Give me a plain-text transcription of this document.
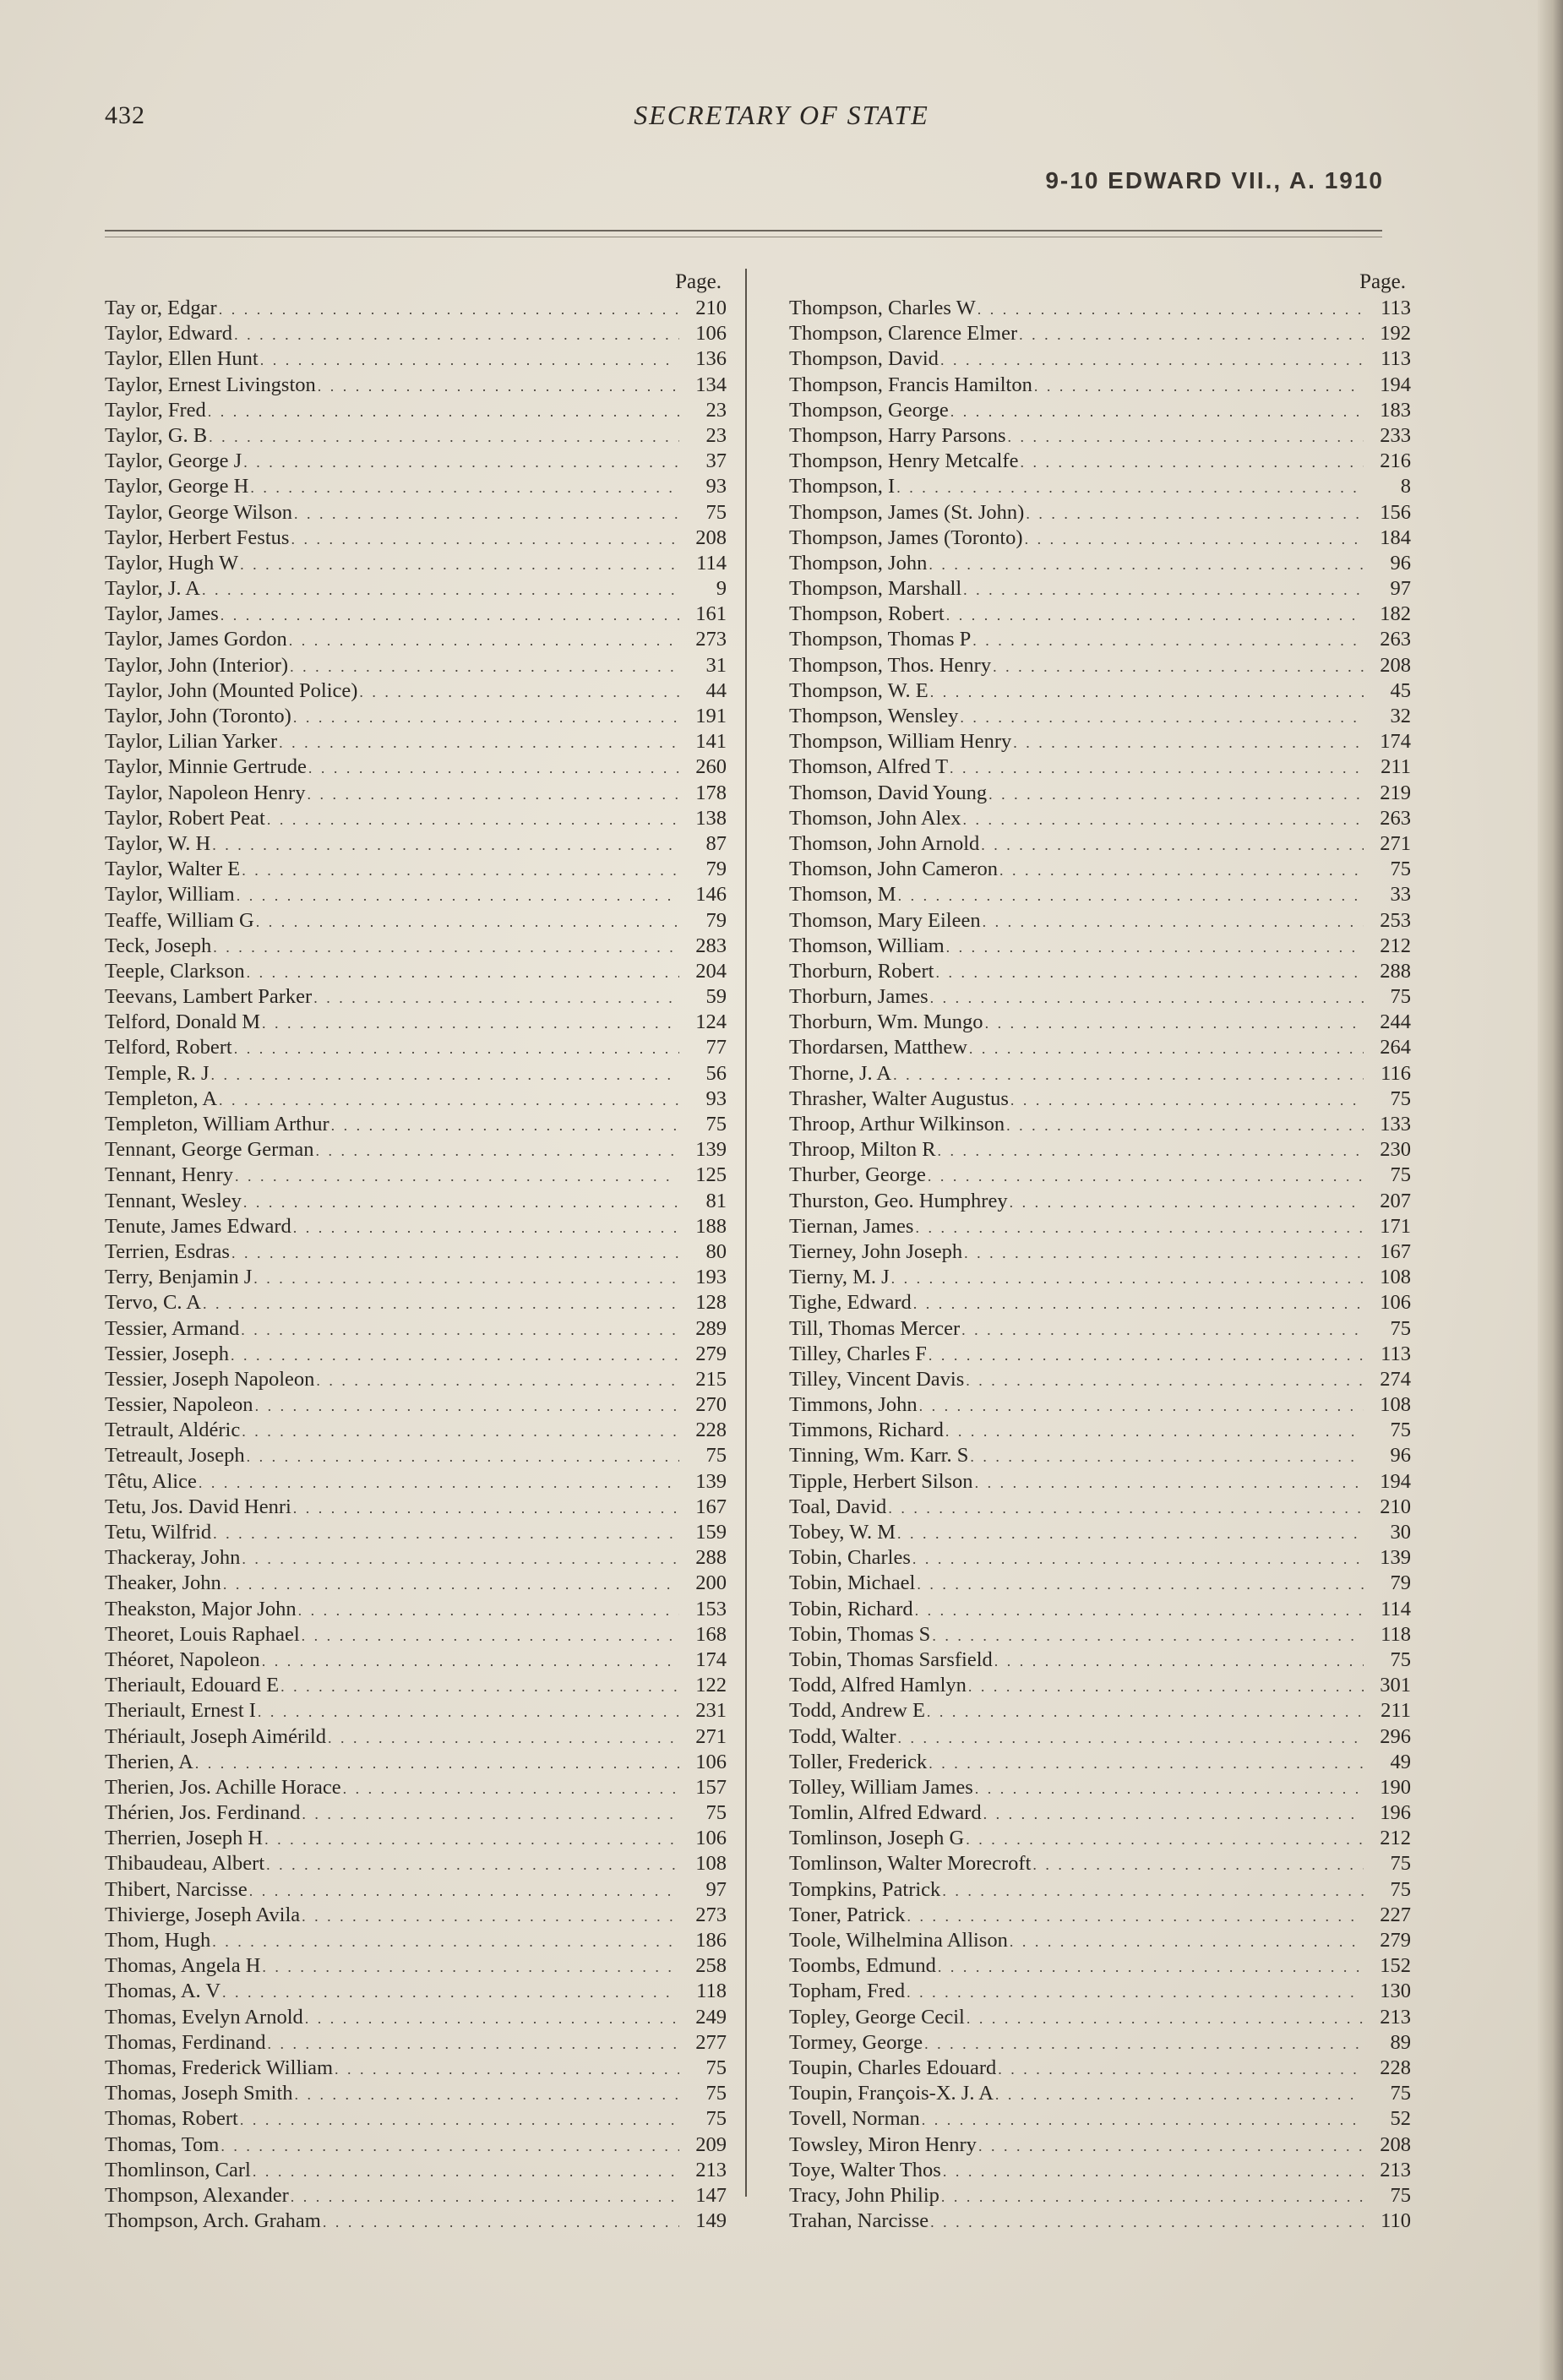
432	SECRETARY OF STATE
9-10 EDWARD VII., A. 1910
Page.
Tay or, Edgar . . .	210
Taylor, Edward . . .	106
Taylor, Ellen Hunt . . .	136
Taylor, Ernest Livingston . . .	134
Taylor, Fred . . .	23
Taylor, G. B . . .	23
Taylor, George J . . .	37
Taylor, George H . . .	93
Taylor, George Wilson . . .	75
Taylor, Herbert Festus . . .	208
Taylor, Hugh W . . .	114
Taylor, J. A . . .	9
Taylor, James . . .	161
Taylor, James Gordon . . .	273
Taylor, John (Interior) . . .	31
Taylor, John (Mounted Police) . . .	44
Taylor, John (Toronto) . . .	191
Taylor, Lilian Yarker . . .	141
Taylor, Minnie Gertrude . . .	260
Taylor, Napoleon Henry . . .	178
Taylor, Robert Peat . . .	138
Taylor, W. H . . .	87
Taylor, Walter E . . .	79
Taylor, William . . .	146
Teaffe, William G . . .	79
Teck, Joseph . . .	283
Teeple, Clarkson . . .	204
Teevans, Lambert Parker . . .	59
Telford, Donald M . . .	124
Telford, Robert . . .	77
Temple, R. J . . .	56
Templeton, A . . .	93
Templeton, William Arthur . . .	75
Tennant, George German . . .	139
Tennant, Henry . . .	125
Tennant, Wesley . . .	81
Tenute, James Edward . . .	188
Terrien, Esdras . . .	80
Terry, Benjamin J . . .	193
Tervo, C. A . . .	128
Tessier, Armand . . .	289
Tessier, Joseph . . .	279
Tessier, Joseph Napoleon . . .	215
Tessier, Napoleon . . .	270
Tetrault, Aldéric . . .	228
Tetreault, Joseph . . .	75
Têtu, Alice . . .	139
Tetu, Jos. David Henri . . .	167
Tetu, Wilfrid . . .	159
Thackeray, John . . .	288
Theaker, John . . .	200
Theakston, Major John . . .	153
Theoret, Louis Raphael . . .	168
Théoret, Napoleon . . .	174
Theriault, Edouard E . . .	122
Theriault, Ernest I . . .	231
Thériault, Joseph Aimérild . . .	271
Therien, A . . .	106
Therien, Jos. Achille Horace . . .	157
Thérien, Jos. Ferdinand . . .	75
Therrien, Joseph H . . .	106
Thibaudeau, Albert . . .	108
Thibert, Narcisse . . .	97
Thivierge, Joseph Avila . . .	273
Thom, Hugh . . .	186
Thomas, Angela H . . .	258
Thomas, A. V . . .	118
Thomas, Evelyn Arnold . . .	249
Thomas, Ferdinand . . .	277
Thomas, Frederick William . . .	75
Thomas, Joseph Smith . . .	75
Thomas, Robert . . .	75
Thomas, Tom . . .	209
Thomlinson, Carl . . .	213
Thompson, Alexander . . .	147
Thompson, Arch. Graham . . .	149
Page.
Thompson, Charles W . . .	113
Thompson, Clarence Elmer . . .	192
Thompson, David . . .	113
Thompson, Francis Hamilton . . .	194
Thompson, George . . .	183
Thompson, Harry Parsons . . .	233
Thompson, Henry Metcalfe . . .	216
Thompson, I . . .	8
Thompson, James (St. John) . . .	156
Thompson, James (Toronto) . . .	184
Thompson, John . . .	96
Thompson, Marshall . . .	97
Thompson, Robert . . .	182
Thompson, Thomas P . . .	263
Thompson, Thos. Henry . . .	208
Thompson, W. E . . .	45
Thompson, Wensley . . .	32
Thompson, William Henry . . .	174
Thomson, Alfred T . . .	211
Thomson, David Young . . .	219
Thomson, John Alex . . .	263
Thomson, John Arnold . . .	271
Thomson, John Cameron . . .	75
Thomson, M . . .	33
Thomson, Mary Eileen . . .	253
Thomson, William . . .	212
Thorburn, Robert . . .	288
Thorburn, James . . .	75
Thorburn, Wm. Mungo . . .	244
Thordarsen, Matthew . . .	264
Thorne, J. A . . .	116
Thrasher, Walter Augustus . . .	75
Throop, Arthur Wilkinson . . .	133
Throop, Milton R . . .	230
Thurber, George . . .	75
Thurston, Geo. Humphrey . . .	207
Tiernan, James . . .	171
Tierney, John Joseph . . .	167
Tierny, M. J . . .	108
Tighe, Edward . . .	106
Till, Thomas Mercer . . .	75
Tilley, Charles F . . .	113
Tilley, Vincent Davis . . .	274
Timmons, John . . .	108
Timmons, Richard . . .	75
Tinning, Wm. Karr. S . . .	96
Tipple, Herbert Silson . . .	194
Toal, David . . .	210
Tobey, W. M . . .	30
Tobin, Charles . . .	139
Tobin, Michael . . .	79
Tobin, Richard . . .	114
Tobin, Thomas S . . .	118
Tobin, Thomas Sarsfield . . .	75
Todd, Alfred Hamlyn . . .	301
Todd, Andrew E . . .	211
Todd, Walter . . .	296
Toller, Frederick . . .	49
Tolley, William James . . .	190
Tomlin, Alfred Edward . . .	196
Tomlinson, Joseph G . . .	212
Tomlinson, Walter Morecroft . . .	75
Tompkins, Patrick . . .	75
Toner, Patrick . . .	227
Toole, Wilhelmina Allison . . .	279
Toombs, Edmund . . .	152
Topham, Fred . . .	130
Topley, George Cecil . . .	213
Tormey, George . . .	89
Toupin, Charles Edouard . . .	228
Toupin, François-X. J. A . . .	75
Tovell, Norman . . .	52
Towsley, Miron Henry . . .	208
Toye, Walter Thos . . .	213
Tracy, John Philip . . .	75
Trahan, Narcisse . . .	110
